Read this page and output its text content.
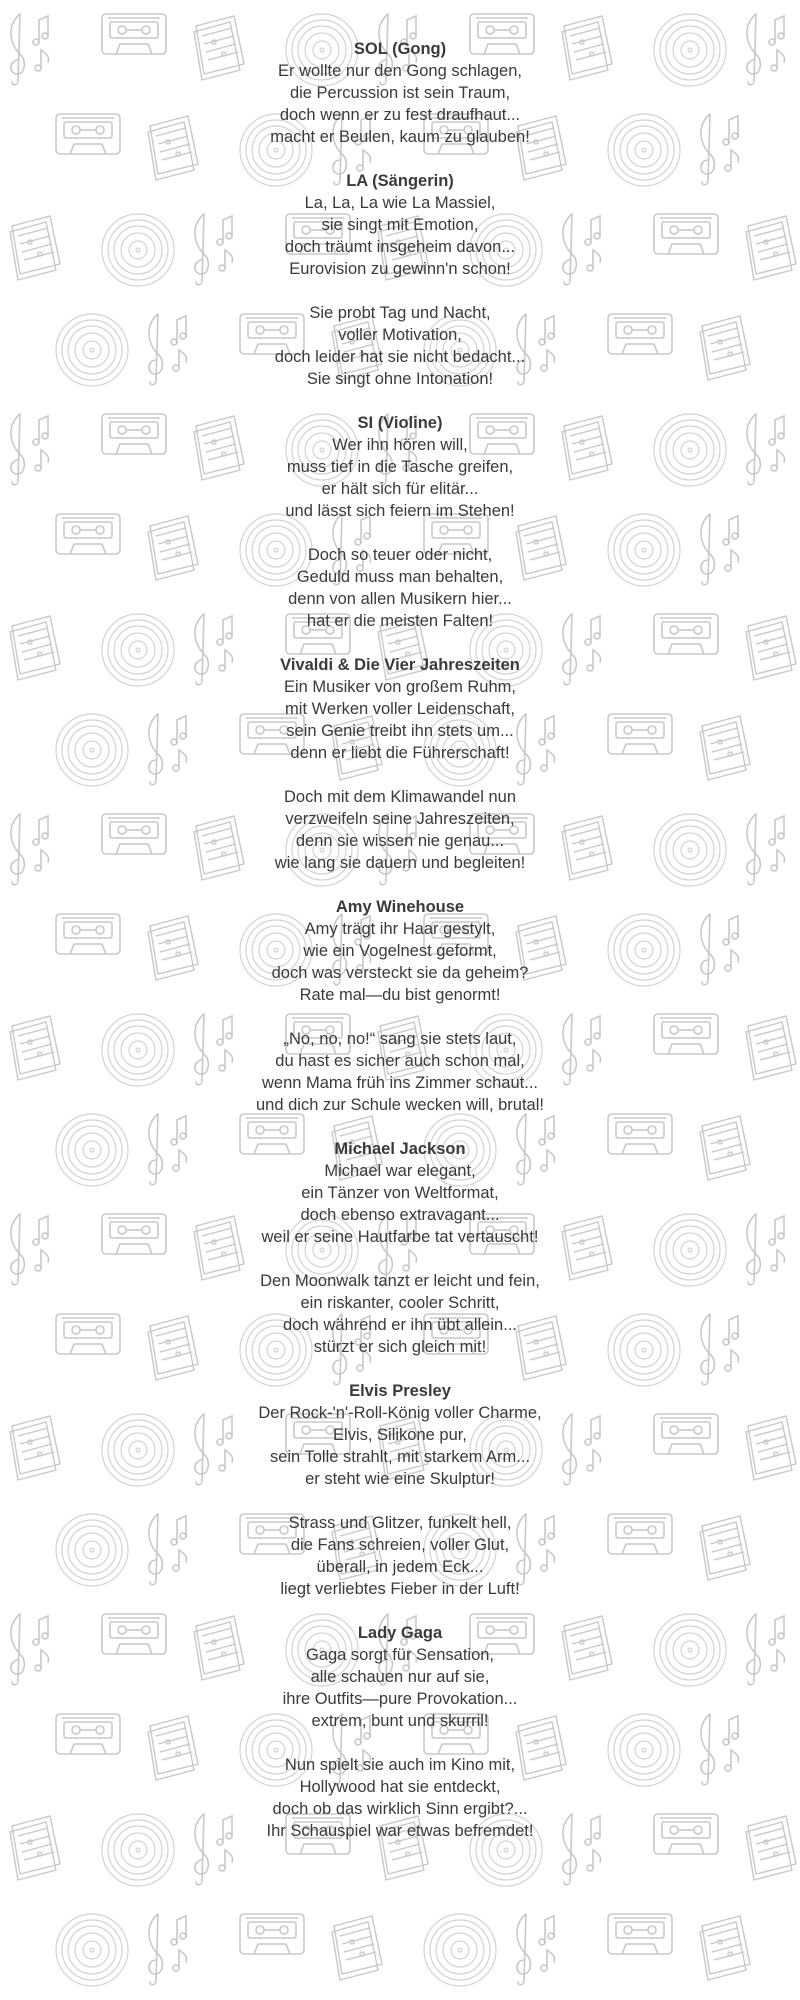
SOL (Gong)
Er wollte nur den Gong schlagen,
die Percussion ist sein Traum,
doch wenn er zu fest draufhaut...
macht er Beulen, kaum zu glauben!
LA (Sängerin)
La, La, La wie La Massiel,
sie singt mit Emotion,
doch träumt insgeheim davon...
Eurovision zu gewinn'n schon!
Sie probt Tag und Nacht,
voller Motivation,
doch leider hat sie nicht bedacht...
Sie singt ohne Intonation!
SI (Violine)
Wer ihn hören will,
muss tief in die Tasche greifen,
er hält sich für elitär...
und lässt sich feiern im Stehen!
Doch so teuer oder nicht,
Geduld muss man behalten,
denn von allen Musikern hier...
hat er die meisten Falten!
Vivaldi & Die Vier Jahreszeiten
Ein Musiker von großem Ruhm,
mit Werken voller Leidenschaft,
sein Genie treibt ihn stets um...
denn er liebt die Führerschaft!
Doch mit dem Klimawandel nun
verzweifeln seine Jahreszeiten,
denn sie wissen nie genau...
wie lang sie dauern und begleiten!
Amy Winehouse
Amy trägt ihr Haar gestylt,
wie ein Vogelnest geformt,
doch was versteckt sie da geheim?
Rate mal—du bist genormt!
„No, no, no!“ sang sie stets laut,
du hast es sicher auch schon mal,
wenn Mama früh ins Zimmer schaut...
und dich zur Schule wecken will, brutal!
Michael Jackson
Michael war elegant,
ein Tänzer von Weltformat,
doch ebenso extravagant...
weil er seine Hautfarbe tat vertauscht!
Den Moonwalk tanzt er leicht und fein,
ein riskanter, cooler Schritt,
doch während er ihn übt allein...
stürzt er sich gleich mit!
Elvis Presley
Der Rock-'n'-Roll-König voller Charme,
Elvis, Silikone pur,
sein Tolle strahlt, mit starkem Arm...
er steht wie eine Skulptur!
Strass und Glitzer, funkelt hell,
die Fans schreien, voller Glut,
überall, in jedem Eck...
liegt verliebtes Fieber in der Luft!
Lady Gaga
Gaga sorgt für Sensation,
alle schauen nur auf sie,
ihre Outfits—pure Provokation...
extrem, bunt und skurril!
Nun spielt sie auch im Kino mit,
Hollywood hat sie entdeckt,
doch ob das wirklich Sinn ergibt?...
Ihr Schauspiel war etwas befremdet!
